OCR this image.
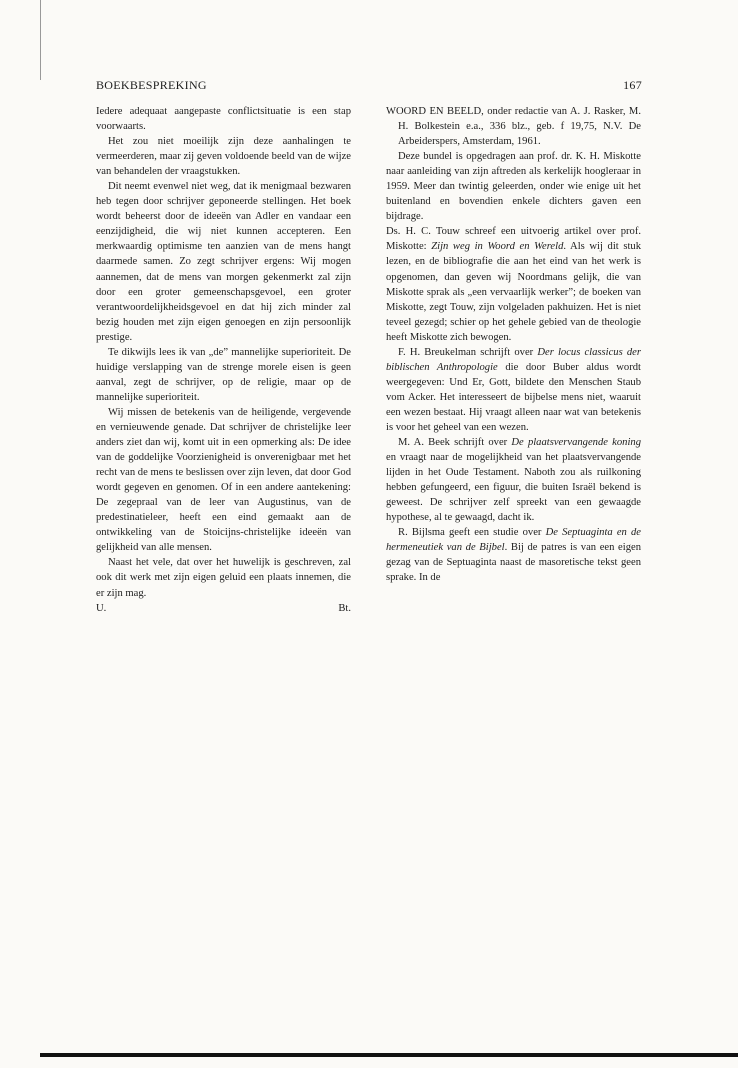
BOEKBESPREKING	167

Iedere adequaat aangepaste conflictsituatie is een stap voorwaarts.

Het zou niet moeilijk zijn deze aanhalingen te vermeerderen, maar zij geven voldoende beeld van de wijze van behandelen der vraagstukken.

Dit neemt evenwel niet weg, dat ik menigmaal bezwaren heb tegen door schrijver geponeerde stellingen. Het boek wordt beheerst door de ideeën van Adler en vandaar een eenzijdigheid, die wij niet kunnen accepteren. Een merkwaardig optimisme ten aanzien van de mens hangt daarmede samen. Zo zegt schrijver ergens: Wij mogen aannemen, dat de mens van morgen gekenmerkt zal zijn door een groter gemeenschapsgevoel, een groter verantwoordelijkheidsgevoel en dat hij zich minder zal bezig houden met zijn eigen genoegen en zijn persoonlijk prestige.

Te dikwijls lees ik van „de” mannelijke superioriteit. De huidige verslapping van de strenge morele eisen is geen aanval, zegt de schrijver, op de religie, maar op de mannelijke superioriteit.

Wij missen de betekenis van de heiligende, vergevende en vernieuwende genade. Dat schrijver de christelijke leer anders ziet dan wij, komt uit in een opmerking als: De idee van de goddelijke Voorzienigheid is onverenigbaar met het recht van de mens te beslissen over zijn leven, dat door God wordt gegeven en genomen. Of in een andere aantekening: De zegepraal van de leer van Augustinus, van de predestinatieleer, heeft een eind gemaakt aan de ontwikkeling van de Stoicijns-christelijke ideeën van gelijkheid van alle mensen.

Naast het vele, dat over het huwelijk is geschreven, zal ook dit werk met zijn eigen geluid een plaats innemen, die er zijn mag.

U.	Bt.

WOORD EN BEELD, onder redactie van A. J. Rasker, M. H. Bolkestein e.a., 336 blz., geb. f 19,75, N.V. De Arbeiderspers, Amsterdam, 1961.

Deze bundel is opgedragen aan prof. dr. K. H. Miskotte naar aanleiding van zijn aftreden als kerkelijk hoogleraar in 1959. Meer dan twintig geleerden, onder wie enige uit het buitenland en bovendien enkele dichters gaven een bijdrage.

Ds. H. C. Touw schreef een uitvoerig artikel over prof. Miskotte: Zijn weg in Woord en Wereld. Als wij dit stuk lezen, en de bibliografie die aan het eind van het werk is opgenomen, dan geven wij Noordmans gelijk, die van Miskotte sprak als „een vervaarlijk werker”; de boeken van Miskotte, zegt Touw, zijn volgeladen pakhuizen. Het is niet teveel gezegd; schier op het gehele gebied van de theologie heeft Miskotte zich bewogen.

F. H. Breukelman schrijft over Der locus classicus der biblischen Anthropologie die door Buber aldus wordt weergegeven: Und Er, Gott, bildete den Menschen Staub vom Acker. Het interesseert de bijbelse mens niet, waaruit een wezen bestaat. Hij vraagt alleen naar wat van betekenis is voor het geheel van een wezen.

M. A. Beek schrijft over De plaatsvervangende koning en vraagt naar de mogelijkheid van het plaatsvervangende lijden in het Oude Testament. Naboth zou als ruilkoning hebben gefungeerd, een figuur, die buiten Israël bekend is geweest. De schrijver zelf spreekt van een gewaagde hypothese, al te gewaagd, dacht ik.

R. Bijlsma geeft een studie over De Septuaginta en de hermeneutiek van de Bijbel. Bij de patres is van een eigen gezag van de Septuaginta naast de masoretische tekst geen sprake. In de
